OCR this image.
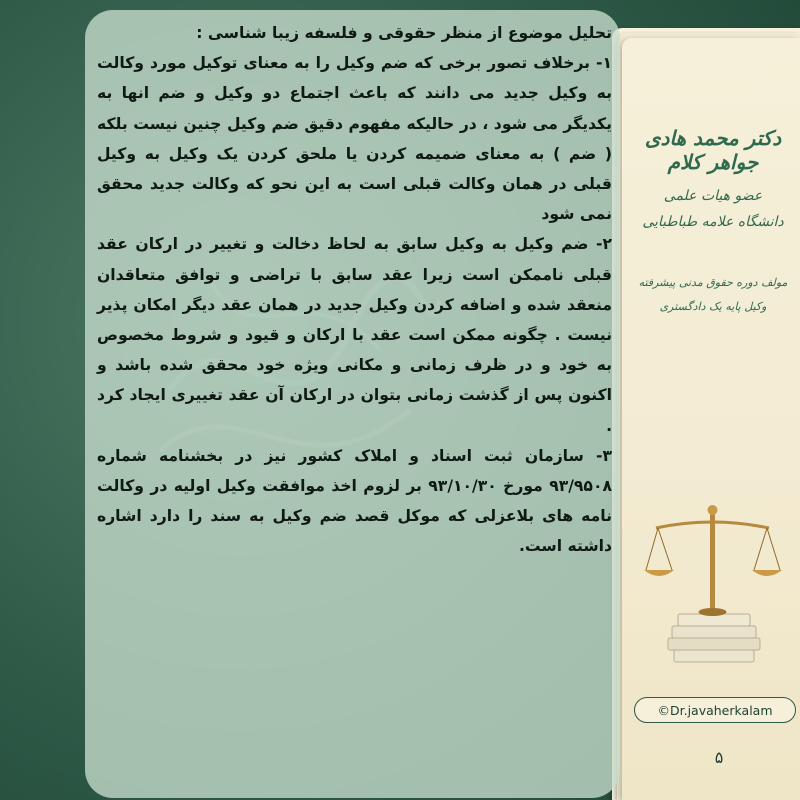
تحلیل موضوع از منظر حقوقی و فلسفه زیبا شناسی :

۱- برخلاف تصور برخی که ضم وکیل را به معنای توکیل مورد وکالت به وکیل جدید می دانند که باعث اجتماع دو وکیل و ضم انها به یکدیگر می شود ، در حالیکه مفهوم دقیق ضم وکیل چنین نیست بلکه ( ضم ) به معنای ضمیمه کردن یا ملحق کردن یک وکیل به وکیل قبلی در همان وکالت قبلی است به این نحو که وکالت جدید محقق نمی شود

۲- ضم وکیل به وکیل سابق به لحاظ دخالت و تغییر در ارکان عقد قبلی ناممکن است زیرا عقد سابق با تراضی و توافق متعاقدان منعقد شده و اضافه کردن وکیل جدید در همان عقد دیگر امکان پذیر نیست . چگونه ممکن است عقد با ارکان و قیود و شروط مخصوص به خود و در ظرف زمانی و مکانی ویژه خود محقق شده باشد و اکنون پس از گذشت زمانی بتوان در ارکان آن عقد تغییری ایجاد کرد .

۳- سازمان ثبت اسناد و املاک کشور نیز در بخشنامه شماره ۹۳/۹۵۰۸ مورخ ۹۳/۱۰/۳۰ بر لزوم اخذ موافقت وکیل اولیه در وکالت نامه های بلاعزلی که موکل قصد ضم وکیل به سند را دارد اشاره داشته است.

دکتر محمد هادی جواهر کلام
عضو هیات علمی
دانشگاه علامه طباطبایی
مولف دوره حقوق مدنی پیشرفته
وکیل پایه یک دادگستری
©Dr.javaherkalam
۵
